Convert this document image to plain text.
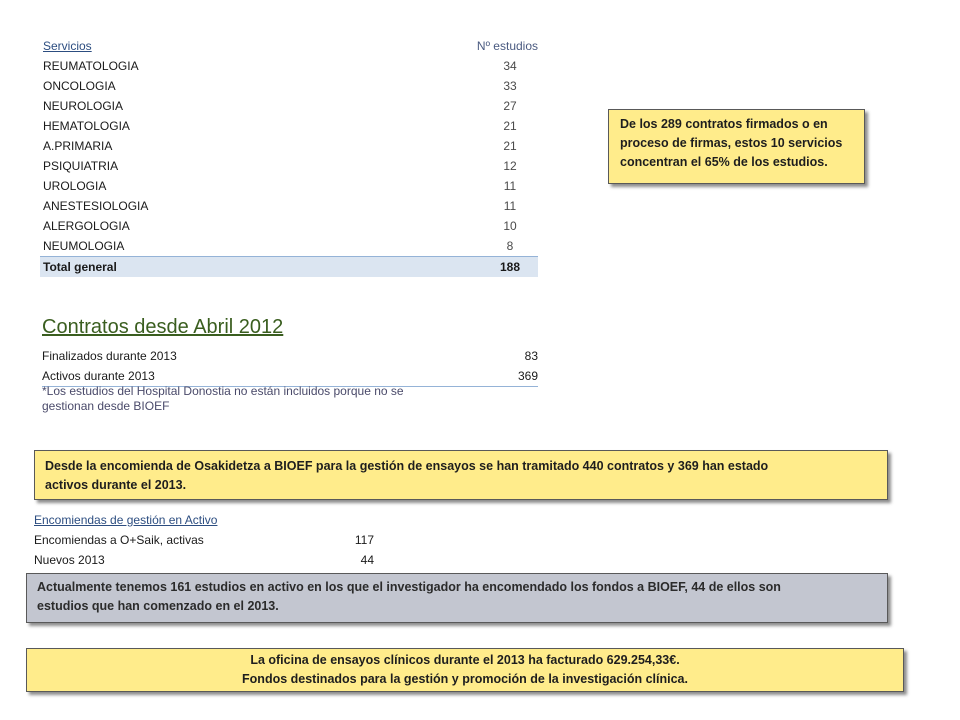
Servicios	Nº estudios
REUMATOLOGIA	34
ONCOLOGIA	33
NEUROLOGIA	27
HEMATOLOGIA	21
A.PRIMARIA	21
PSIQUIATRIA	12
UROLOGIA	11
ANESTESIOLOGIA	11
ALERGOLOGIA	10
NEUMOLOGIA	8
Total general	188
De los 289 contratos firmados o en
proceso de firmas, estos 10 servicios
concentran el 65% de los estudios.
Contratos desde Abril 2012
Finalizados durante 2013	83
Activos durante 2013	369
*Los estudios del Hospital Donostia no están incluidos porque no se
gestionan desde BIOEF
Desde la encomienda de Osakidetza a BIOEF para la gestión de ensayos se han tramitado 440 contratos y 369 han estado
activos durante el 2013.
Encomiendas de gestión en Activo
Encomiendas a O+Saik, activas	117
Nuevos 2013	44
Actualmente tenemos 161 estudios en activo en los que el investigador ha encomendado los fondos a BIOEF, 44 de ellos son
estudios que han comenzado en el 2013.
La oficina de ensayos clínicos durante el 2013 ha facturado 629.254,33€.
Fondos destinados para la gestión y promoción de la investigación clínica.
